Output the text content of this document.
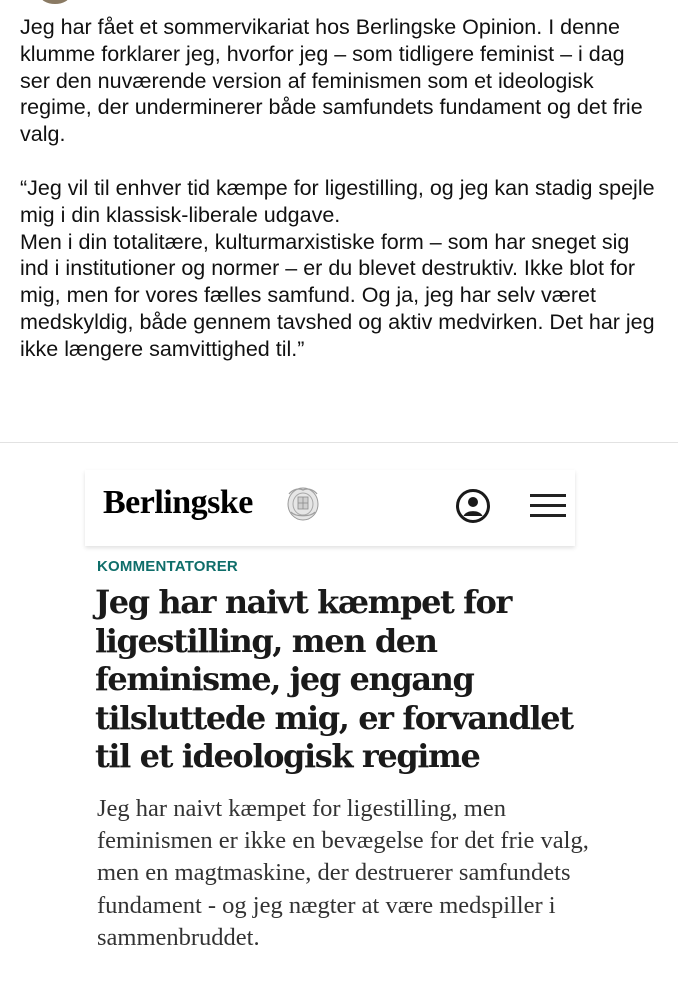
Jeg har fået et sommervikariat hos Berlingske Opinion. I denne klumme forklarer jeg, hvorfor jeg – som tidligere feminist – i dag ser den nuværende version af feminismen som et ideologisk regime, der underminerer både samfundets fundament og det frie valg.

“Jeg vil til enhver tid kæmpe for ligestilling, og jeg kan stadig spejle mig i din klassisk-liberale udgave.

Men i din totalitære, kulturmarxistiske form – som har sneget sig ind i institutioner og normer – er du blevet destruktiv. Ikke blot for mig, men for vores fælles samfund. Og ja, jeg har selv været medskyldig, både gennem tavshed og aktiv medvirken. Det har jeg ikke længere samvittighed til.”

Berlingske
KOMMENTATORER
Jeg har naivt kæmpet for ligestilling, men den feminisme, jeg engang tilsluttede mig, er forvandlet til et ideologisk regime

Jeg har naivt kæmpet for ligestilling, men feminismen er ikke en bevægelse for det frie valg, men en magtmaskine, der destruerer samfundets fundament - og jeg nægter at være medspiller i sammenbruddet.
